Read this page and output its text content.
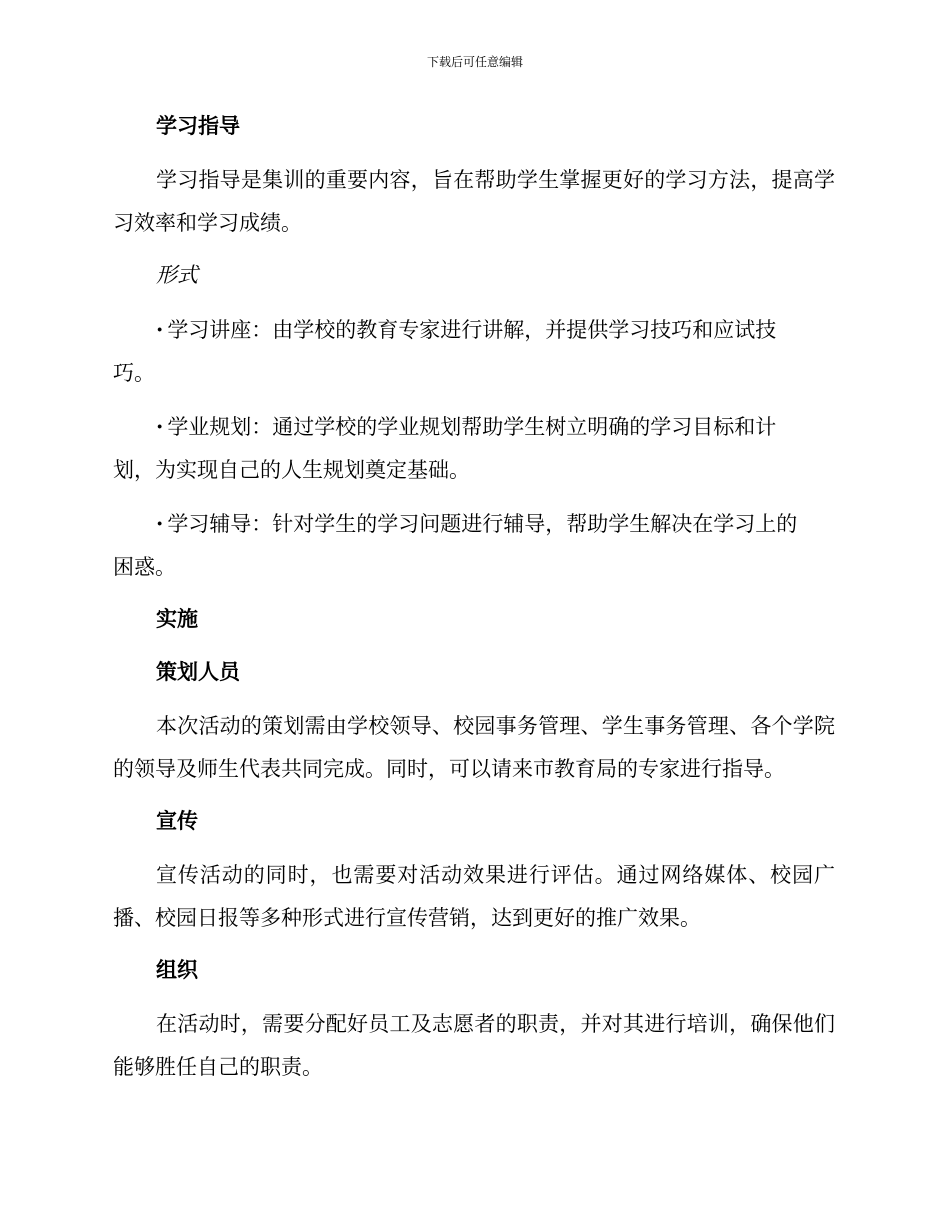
下载后可任意编辑
学习指导
学习指导是集训的重要内容，旨在帮助学生掌握更好的学习方法，提高学习效率和学习成绩。
形式
· 学习讲座：由学校的教育专家进行讲解，并提供学习技巧和应试技巧。
· 学业规划：通过学校的学业规划帮助学生树立明确的学习目标和计划，为实现自己的人生规划奠定基础。
· 学习辅导：针对学生的学习问题进行辅导，帮助学生解决在学习上的困惑。
实施
策划人员
本次活动的策划需由学校领导、校园事务管理、学生事务管理、各个学院的领导及师生代表共同完成。同时，可以请来市教育局的专家进行指导。
宣传
宣传活动的同时，也需要对活动效果进行评估。通过网络媒体、校园广播、校园日报等多种形式进行宣传营销，达到更好的推广效果。
组织
在活动时，需要分配好员工及志愿者的职责，并对其进行培训，确保他们能够胜任自己的职责。
